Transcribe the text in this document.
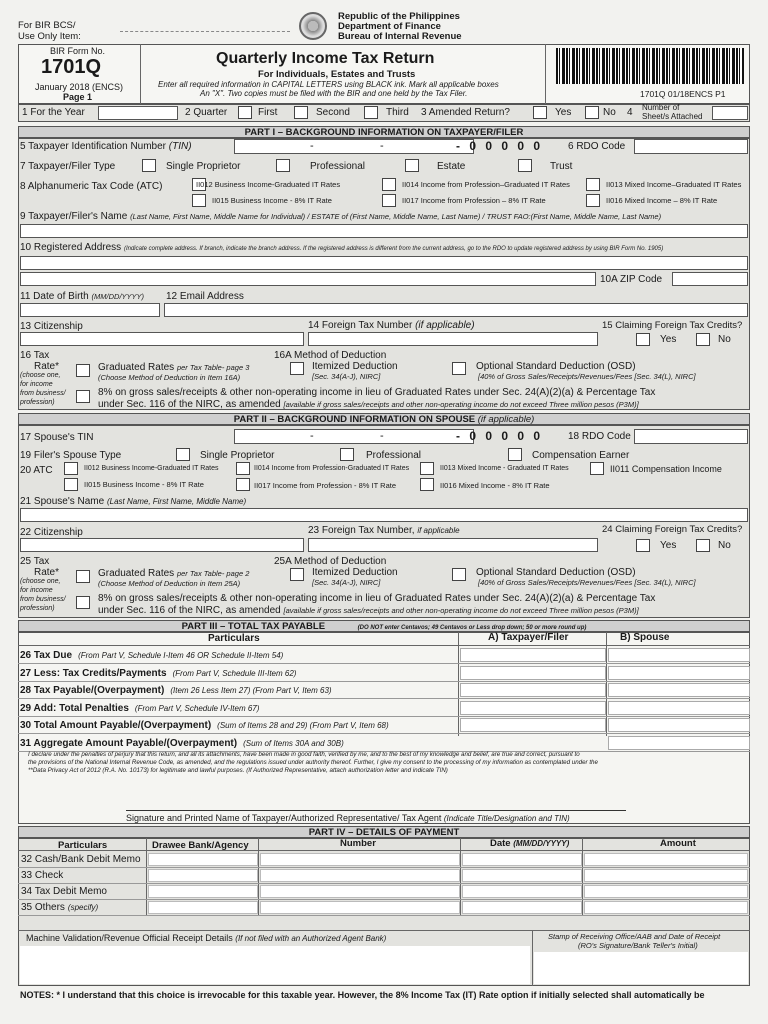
For BIR BCS/
Use Only Item:
Republic of the Philippines
Department of Finance
Bureau of Internal Revenue
BIR Form No.
1701Q
January 2018 (ENCS)
Page 1
Quarterly Income Tax Return
For Individuals, Estates and Trusts
Enter all required information in CAPITAL LETTERS using BLACK ink. Mark all applicable boxes
An "X". Two copies must be filed with the BIR and one held by the Tax Filer.	1701Q 01/18ENCS P1
1 For the Year	2 Quarter	First	Second	Third 3 Amended Return?	Yes	No 4 Number of
Sheet/s Attached
PART I – BACKGROUND INFORMATION ON TAXPAYER/FILER
5 Taxpayer Identification Number (TIN)	-	-	- 0 0 0 0 0 6 RDO Code
7 Taxpayer/Filer Type	Single Proprietor	Professional	Estate	Trust
8 Alphanumeric Tax Code (ATC)	II012 Business Income-Graduated IT Rates	II014 Income from Profession–Graduated IT Rates	II013 Mixed Income–Graduated IT Rates
II015 Business Income - 8% IT Rate	II017 Income from Profession – 8% IT Rate	II016 Mixed Income – 8% IT Rate
9 Taxpayer/Filer's Name (Last Name, First Name, Middle Name for Individual) / ESTATE of (First Name, Middle Name, Last Name) / TRUST FAO:(First Name, Middle Name, Last Name)
10 Registered Address (Indicate complete address. If branch, indicate the branch address. If the registered address is different from the current address, go to the RDO to update registered address by using BIR Form No. 1905)
10A ZIP Code
11 Date of Birth (MM/DD/YYYY) 12 Email Address
13 Citizenship	14 Foreign Tax Number (if applicable)	15 Claiming Foreign Tax Credits?
Yes	No
16 Tax
Rate*
(choose one,
for income
from business/
profession)
Graduated Rates per Tax Table- page 3
(Choose Method of Deduction in Item 16A)
16A Method of Deduction
Itemized Deduction
[Sec. 34(A-J), NIRC]
Optional Standard Deduction (OSD)
[40% of Gross Sales/Receipts/Revenues/Fees [Sec. 34(L), NIRC]
8% on gross sales/receipts & other non-operating income in lieu of Graduated Rates under Sec. 24(A)(2)(a) & Percentage Tax
under Sec. 116 of the NIRC, as amended [available if gross sales/receipts and other non-operating income do not exceed Three million pesos (P3M)]
PART II – BACKGROUND INFORMATION ON SPOUSE (if applicable)
17 Spouse's TIN	-	-	- 0 0 0 0 0 18 RDO Code
19 Filer's Spouse Type	Single Proprietor	Professional	Compensation Earner
20 ATC	II012 Business Income-Graduated IT Rates	II014 Income from Profession-Graduated IT Rates	II013 Mixed Income - Graduated IT Rates	II011 Compensation Income
II015 Business Income - 8% IT Rate	II017 Income from Profession - 8% IT Rate	II016 Mixed Income - 8% IT Rate
21 Spouse's Name (Last Name, First Name, Middle Name)
22 Citizenship	23 Foreign Tax Number, if applicable	24 Claiming Foreign Tax Credits?
Yes	No
25 Tax
Rate*
(choose one,
for income
from business/
profession)
Graduated Rates per Tax Table- page 2
(Choose Method of Deduction in Item 25A)
25A Method of Deduction
Itemized Deduction
[Sec. 34(A-J), NIRC]
Optional Standard Deduction (OSD)
[40% of Gross Sales/Receipts/Revenues/Fees [Sec. 34(L), NIRC]
8% on gross sales/receipts & other non-operating income in lieu of Graduated Rates under Sec. 24(A)(2)(a) & Percentage Tax
under Sec. 116 of the NIRC, as amended [available if gross sales/receipts and other non-operating income do not exceed Three million pesos (P3M)]
PART III – TOTAL TAX PAYABLE	(DO NOT enter Centavos; 49 Centavos or Less drop down; 50 or more round up)
Particulars	A) Taxpayer/Filer	B) Spouse
26 Tax Due (From Part V, Schedule I-Item 46 OR Schedule II-Item 54)
27 Less: Tax Credits/Payments (From Part V, Schedule III-Item 62)
28 Tax Payable/(Overpayment) (Item 26 Less Item 27) (From Part V, Item 63)
29 Add: Total Penalties (From Part V, Schedule IV-Item 67)
30 Total Amount Payable/(Overpayment) (Sum of Items 28 and 29) (From Part V, Item 68)
31 Aggregate Amount Payable/(Overpayment) (Sum of Items 30A and 30B)
I declare under the penalties of perjury that this return, and all its attachments, have been made in good faith, verified by me, and to the best of my knowledge and belief, are true and correct, pursuant to
the provisions of the National Internal Revenue Code, as amended, and the regulations issued under authority thereof. Further, I give my consent to the processing of my information as contemplated under the
**Data Privacy Act of 2012 (R.A. No. 10173) for legitimate and lawful purposes. (If Authorized Representative, attach authorization letter and indicate TIN)
Signature and Printed Name of Taxpayer/Authorized Representative/ Tax Agent (Indicate Title/Designation and TIN)
PART IV – DETAILS OF PAYMENT
Particulars	Drawee Bank/Agency	Number	Date (MM/DD/YYYY)	Amount
32 Cash/Bank Debit Memo
33 Check
34 Tax Debit Memo
35 Others (specify)
Machine Validation/Revenue Official Receipt Details (If not filed with an Authorized Agent Bank)	Stamp of Receiving Office/AAB and Date of Receipt
(RO's Signature/Bank Teller's Initial)
NOTES: * I understand that this choice is irrevocable for this taxable year. However, the 8% Income Tax (IT) Rate option if initially selected shall automatically be
